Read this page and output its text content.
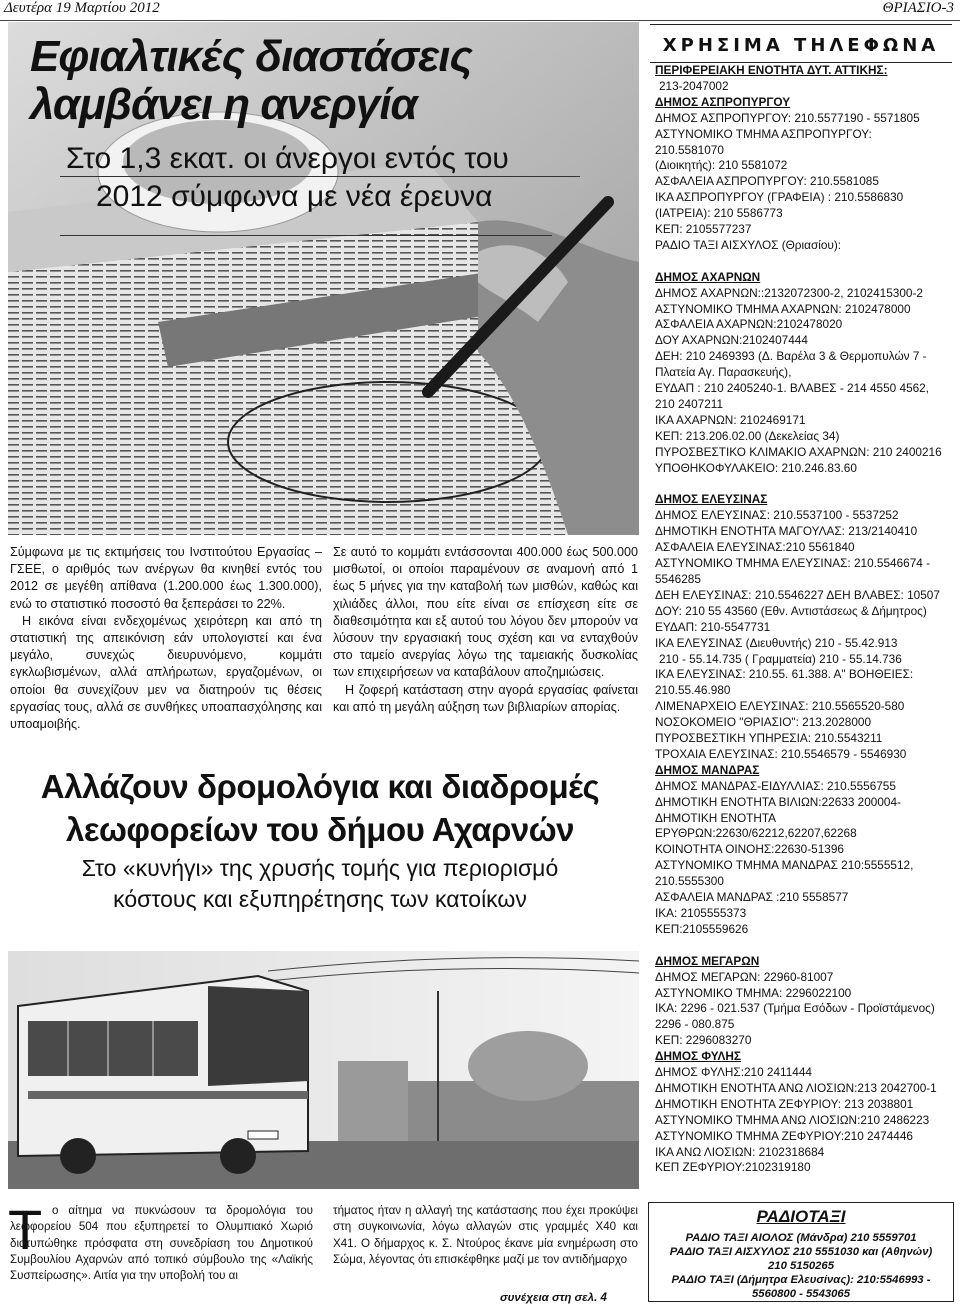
Δευτέρα 19 Μαρτίου 2012	ΘΡΙΑΣΙΟ-3
Εφιαλτικές διαστάσεις
λαμβάνει η ανεργία
Στο 1,3 εκατ. οι άνεργοι εντός του
2012 σύμφωνα με νέα έρευνα

Σύμφωνα με τις εκτιμήσεις του Ινστιτούτου Εργασίας – ΓΣΕΕ, ο αριθμός των ανέργων θα κινηθεί εντός του 2012 σε μεγέθη απίθανα (1.200.000 έως 1.300.000), ενώ το στατιστικό ποσοστό θα ξεπεράσει το 22%.

Η εικόνα είναι ενδεχομένως χειρότερη και από τη στατιστική της απεικόνιση εάν υπολογιστεί και ένα μεγάλο, συνεχώς διευρυνόμενο, κομμάτι εγκλωβισμένων, αλλά απλήρωτων, εργαζομένων, οι οποίοι θα συνεχίζουν μεν να διατηρούν τις θέσεις εργασίας τους, αλλά σε συνθήκες υποαπασχόλησης και υποαμοιβής.

Σε αυτό το κομμάτι εντάσσονται 400.000 έως 500.000 μισθωτοί, οι οποίοι παραμένουν σε αναμονή από 1 έως 5 μήνες για την καταβολή των μισθών, καθώς και χιλιάδες άλλοι, που είτε είναι σε επίσχεση είτε σε διαθεσιμότητα και εξ αυτού του λόγου δεν μπορούν να λύσουν την εργασιακή τους σχέση και να ενταχθούν στο ταμείο ανεργίας λόγω της ταμειακής δυσκολίας των επιχειρήσεων να καταβάλουν αποζημιώσεις.

Η ζοφερή κατάσταση στην αγορά εργασίας φαίνεται και από τη μεγάλη αύξηση των βιβλιαρίων απορίας.

Αλλάζουν δρομολόγια και διαδρομές
λεωφορείων του δήμου Αχαρνών
Στο «κυνήγι» της χρυσής τομής για περιορισμό
κόστους και εξυπηρέτησης των κατοίκων
Τ ο αίτημα να πυκνώσουν τα δρομολόγια του λεωφορείου 504 που εξυπηρετεί το Ολυμπιακό Χωριό διατυπώθηκε πρόσφατα στη συνεδρίαση του Δημοτικού Συμβουλίου Αχαρνών από τοπικό σύμβουλο της «Λαϊκής Συσπείρωσης». Αιτία για την υποβολή του αι
τήματος ήταν η αλλαγή της κατάστασης που έχει προκύψει στη συγκοινωνία, λόγω αλλαγών στις γραμμές Χ40 και Χ41. Ο δήμαρχος κ. Σ. Ντούρος έκανε μία ενημέρωση στο Σώμα, λέγοντας ότι επισκέφθηκε μαζί με τον αντιδήμαρχο
συνέχεια στη σελ. 4
ΧΡΗΣΙΜΑ ΤΗΛΕΦΩΝΑ
ΠΕΡΙΦΕΡΕΙΑΚΗ ΕΝΟΤΗΤΑ ΔΥΤ. ΑΤΤΙΚΗΣ:
213-2047002
ΔΗΜΟΣ ΑΣΠΡΟΠΥΡΓΟΥ
ΔΗΜΟΣ ΑΣΠΡΟΠΥΡΓΟΥ: 210.5577190 - 5571805
ΑΣΤΥΝΟΜΙΚΟ ΤΜΗΜΑ ΑΣΠΡΟΠΥΡΓΟΥ:
210.5581070
(Διοικητής): 210 5581072
ΑΣΦΑΛΕΙΑ ΑΣΠΡΟΠΥΡΓΟΥ: 210.5581085
ΙΚΑ ΑΣΠΡΟΠΥΡΓΟΥ (ΓΡΑΦΕΙΑ) : 210.5586830
(ΙΑΤΡΕΙΑ): 210 5586773
ΚΕΠ: 2105577237
ΡΑΔΙΟ ΤΑΞΙ ΑΙΣΧΥΛΟΣ (Θριασίου):
ΔΗΜΟΣ ΑΧΑΡΝΩΝ
ΔΗΜΟΣ ΑΧΑΡΝΩΝ::2132072300-2, 2102415300-2
ΑΣΤΥΝΟΜΙΚΟ ΤΜΗΜΑ ΑΧΑΡΝΩΝ: 2102478000
ΑΣΦΑΛΕΙΑ ΑΧΑΡΝΩΝ:2102478020
ΔΟΥ ΑΧΑΡΝΩΝ:2102407444
ΔΕΗ: 210 2469393 (Δ. Βαρέλα 3 & Θερμοπυλών 7 -
Πλατεία Αγ. Παρασκευής),
ΕΥΔΑΠ : 210 2405240-1. ΒΛΑΒΕΣ - 214 4550 4562,
210 2407211
ΙΚΑ ΑΧΑΡΝΩΝ: 2102469171
ΚΕΠ: 213.206.02.00 (Δεκελείας 34)
ΠΥΡΟΣΒΕΣΤΙΚΟ ΚΛΙΜΑΚΙΟ ΑΧΑΡΝΩΝ: 210 2400216
ΥΠΟΘΗΚΟΦΥΛΑΚΕΙΟ: 210.246.83.60
ΔΗΜΟΣ ΕΛΕΥΣΙΝΑΣ
ΔΗΜΟΣ ΕΛΕΥΣΙΝΑΣ: 210.5537100 - 5537252
ΔΗΜΟΤΙΚΗ ΕΝΟΤΗΤΑ ΜΑΓΟΥΛΑΣ: 213/2140410
ΑΣΦΑΛΕΙΑ ΕΛΕΥΣΙΝΑΣ:210 5561840
ΑΣΤΥΝΟΜΙΚΟ ΤΜΗΜΑ ΕΛΕΥΣΙΝΑΣ: 210.5546674 -
5546285
ΔΕΗ ΕΛΕΥΣΙΝΑΣ: 210.5546227 ΔΕΗ ΒΛΑΒΕΣ: 10507
ΔΟΥ: 210 55 43560 (Εθν. Αντιστάσεως & Δήμητρος)
ΕΥΔΑΠ: 210-5547731
ΙΚΑ ΕΛΕΥΣΙΝΑΣ (Διευθυντής) 210 - 55.42.913
210 - 55.14.735 ( Γραμματεία) 210 - 55.14.736
ΙΚΑ ΕΛΕΥΣΙΝΑΣ: 210.55. 61.388. Α" ΒΟΗΘΕΙΕΣ:
210.55.46.980
ΛΙΜΕΝΑΡΧΕΙΟ ΕΛΕΥΣΙΝΑΣ: 210.5565520-580
ΝΟΣΟΚΟΜΕΙΟ "ΘΡΙΑΣΙΟ": 213.2028000
ΠΥΡΟΣΒΕΣΤΙΚΗ ΥΠΗΡΕΣΙΑ: 210.5543211
ΤΡΟΧΑΙΑ ΕΛΕΥΣΙΝΑΣ: 210.5546579 - 5546930
ΔΗΜΟΣ ΜΑΝΔΡΑΣ
ΔΗΜΟΣ ΜΑΝΔΡΑΣ-ΕΙΔΥΛΛΙΑΣ: 210.5556755
ΔΗΜΟΤΙΚΗ ΕΝΟΤΗΤΑ ΒΙΛΙΩΝ:22633 200004-
ΔΗΜΟΤΙΚΗ ΕΝΟΤΗΤΑ
ΕΡΥΘΡΩΝ:22630/62212,62207,62268
ΚΟΙΝΟΤΗΤΑ ΟΙΝΟΗΣ:22630-51396
ΑΣΤΥΝΟΜΙΚΟ ΤΜΗΜΑ ΜΑΝΔΡΑΣ 210:5555512,
210.5555300
ΑΣΦΑΛΕΙΑ ΜΑΝΔΡΑΣ :210 5558577
ΙΚΑ: 2105555373
ΚΕΠ:2105559626
ΔΗΜΟΣ ΜΕΓΑΡΩΝ
ΔΗΜΟΣ ΜΕΓΑΡΩΝ: 22960-81007
ΑΣΤΥΝΟΜΙΚΟ ΤΜΗΜΑ: 2296022100
ΙΚΑ: 2296 - 021.537 (Τμήμα Εσόδων - Προϊστάμενος)
2296 - 080.875
ΚΕΠ: 2296083270
ΔΗΜΟΣ ΦΥΛΗΣ
ΔΗΜΟΣ ΦΥΛΗΣ:210 2411444
ΔΗΜΟΤΙΚΗ ΕΝΟΤΗΤΑ ΑΝΩ ΛΙΟΣΙΩΝ:213 2042700-1
ΔΗΜΟΤΙΚΗ ΕΝΟΤΗΤΑ ΖΕΦΥΡΙΟΥ: 213 2038801
ΑΣΤΥΝΟΜΙΚΟ ΤΜΗΜΑ ΑΝΩ ΛΙΟΣΙΩΝ:210 2486223
ΑΣΤΥΝΟΜΙΚΟ ΤΜΗΜΑ ΖΕΦΥΡΙΟΥ:210 2474446
ΙΚΑ ΑΝΩ ΛΙΟΣΙΩΝ: 2102318684
ΚΕΠ ΖΕΦΥΡΙΟΥ:2102319180
ΡΑΔΙΟΤΑΞΙ
ΡΑΔΙΟ ΤΑΞΙ ΑΙΟΛΟΣ (Μάνδρα) 210 5559701
ΡΑΔΙΟ ΤΑΞΙ ΑΙΣΧΥΛΟΣ 210 5551030 και (Αθηνών)
210 5150265
ΡΑΔΙΟ ΤΑΞΙ (Δήμητρα Ελευσίνας): 210:5546993 -
5560800 - 5543065
